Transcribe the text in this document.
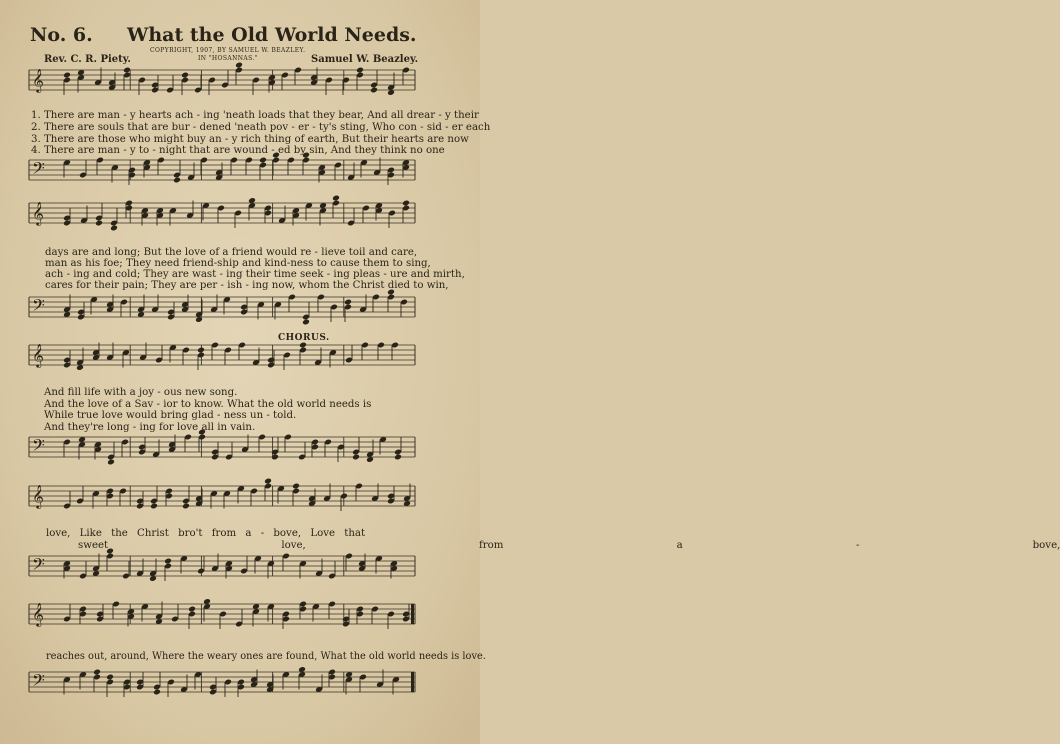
No. 6. What the Old World Needs.
COPYRIGHT, 1907, BY SAMUEL W. BEAZLEY.
IN "HOSANNAS."
Rev. C. R. Piety.	Samuel W. Beazley.
𝄞
𝄢
𝄞
𝄢
𝄞
𝄢
𝄞
𝄢
𝄞
𝄢
1. There are man - y hearts ach - ing 'neath loads that they bear, And all drear - y their
2. There are souls that are bur - dened 'neath pov - er - ty's sting, Who con - sid - er each
3. There are those who might buy an - y rich thing of earth, But their hearts are now
4. There are man - y to - night that are wound - ed by sin, And they think no one
days are and long; But the love of a friend would re - lieve toil and care,
man as his foe; They need friend-ship and kind-ness to cause them to sing,
ach - ing and cold; They are wast - ing their time seek - ing pleas - ure and mirth,
cares for their pain; They are per - ish - ing now, whom the Christ died to win,
CHORUS.
And fill life with a joy - ous new song.
And the love of a Sav - ior to know. What the old world needs is
While true love would bring glad - ness un - told.
And they're long - ing for love all in vain.
love, Like the Christ bro't from a - bove, Love that
sweet love, from a - bove,
reaches out, around, Where the weary ones are found, What the old world needs is love.
